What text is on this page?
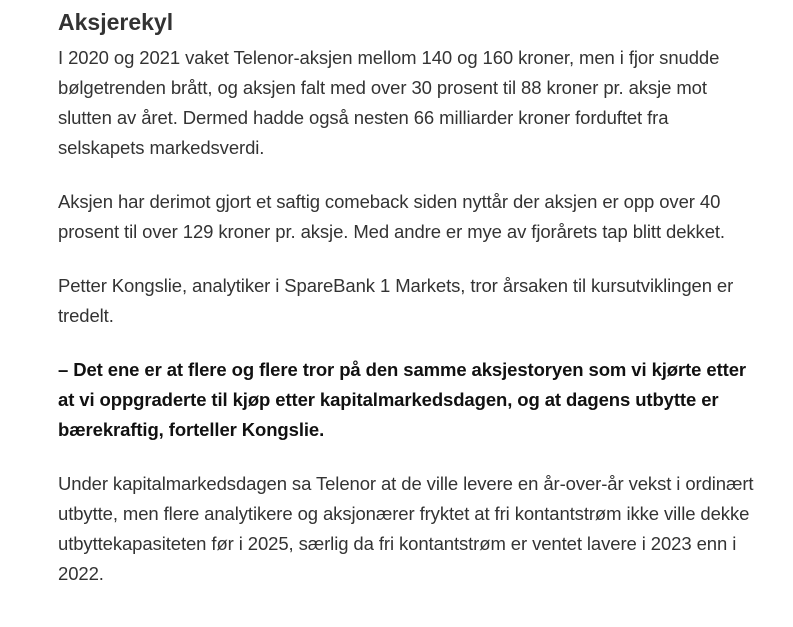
Aksjerekyl

I 2020 og 2021 vaket Telenor-aksjen mellom 140 og 160 kroner, men i fjor snudde bølgetrenden brått, og aksjen falt med over 30 prosent til 88 kroner pr. aksje mot slutten av året. Dermed hadde også nesten 66 milliarder kroner forduftet fra selskapets markedsverdi.

Aksjen har derimot gjort et saftig comeback siden nyttår der aksjen er opp over 40 prosent til over 129 kroner pr. aksje. Med andre er mye av fjorårets tap blitt dekket.

Petter Kongslie, analytiker i SpareBank 1 Markets, tror årsaken til kursutviklingen er tredelt.

– Det ene er at flere og flere tror på den samme aksjestoryen som vi kjørte etter at vi oppgraderte til kjøp etter kapitalmarkedsdagen, og at dagens utbytte er bærekraftig, forteller Kongslie.

Under kapitalmarkedsdagen sa Telenor at de ville levere en år-over-år vekst i ordinært utbytte, men flere analytikere og aksjonærer fryktet at fri kontantstrøm ikke ville dekke utbyttekapasiteten før i 2025, særlig da fri kontantstrøm er ventet lavere i 2023 enn i 2022.
